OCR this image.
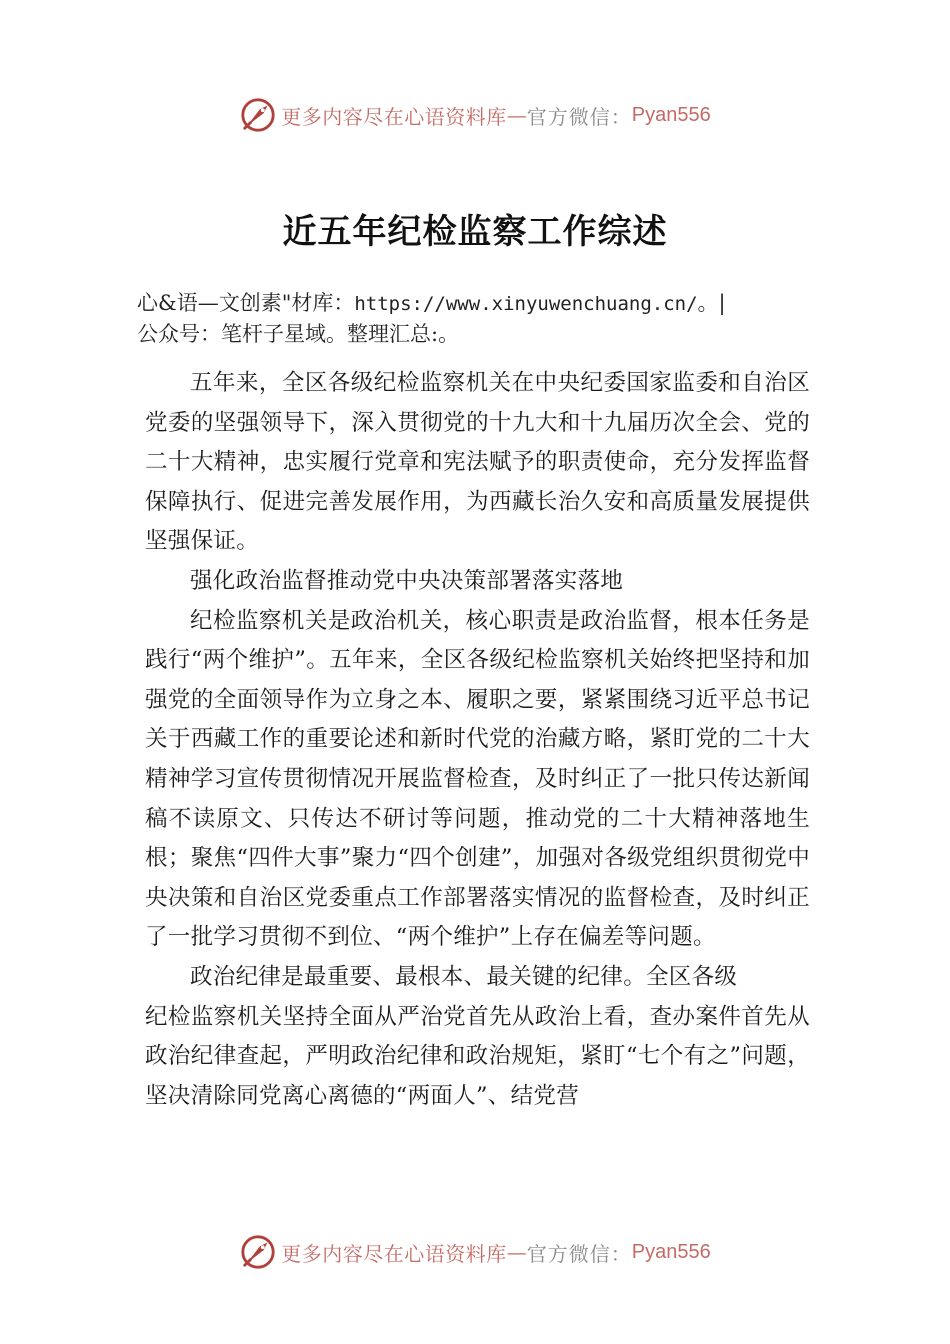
更多内容尽在心语资料库 — 官方微信： Pyan556
近五年纪检监察工作综述
心&语—文创素"材库：https://www.xinyuwenchuang.cn/。|
公众号：笔杆子星域。整理汇总:。

五年来，全区各级纪检监察机关在中央纪委国家监委和自治区党委的坚强领导下，深入贯彻党的十九大和十九届历次全会、党的二十大精神，忠实履行党章和宪法赋予的职责使命，充分发挥监督保障执行、促进完善发展作用，为西藏长治久安和高质量发展提供坚强保证。

强化政治监督推动党中央决策部署落实落地

纪检监察机关是政治机关，核心职责是政治监督，根本任务是践行“两个维护”。五年来，全区各级纪检监察机关始终把坚持和加强党的全面领导作为立身之本、履职之要，紧紧围绕习近平总书记关于西藏工作的重要论述和新时代党的治藏方略，紧盯党的二十大精神学习宣传贯彻情况开展监督检查，及时纠正了一批只传达新闻稿不读原文、只传达不研讨等问题，推动党的二十大精神落地生根；聚焦“四件大事”聚力“四个创建”，加强对各级党组织贯彻党中央决策和自治区党委重点工作部署落实情况的监督检查，及时纠正了一批学习贯彻不到位、“两个维护”上存在偏差等问题。

政治纪律是最重要、最根本、最关键的纪律。全区各级

纪检监察机关坚持全面从严治党首先从政治上看，查办案件首先从政治纪律查起，严明政治纪律和政治规矩，紧盯“七个有之”问题，坚决清除同党离心离德的“两面人”、结党营

更多内容尽在心语资料库 — 官方微信： Pyan556
